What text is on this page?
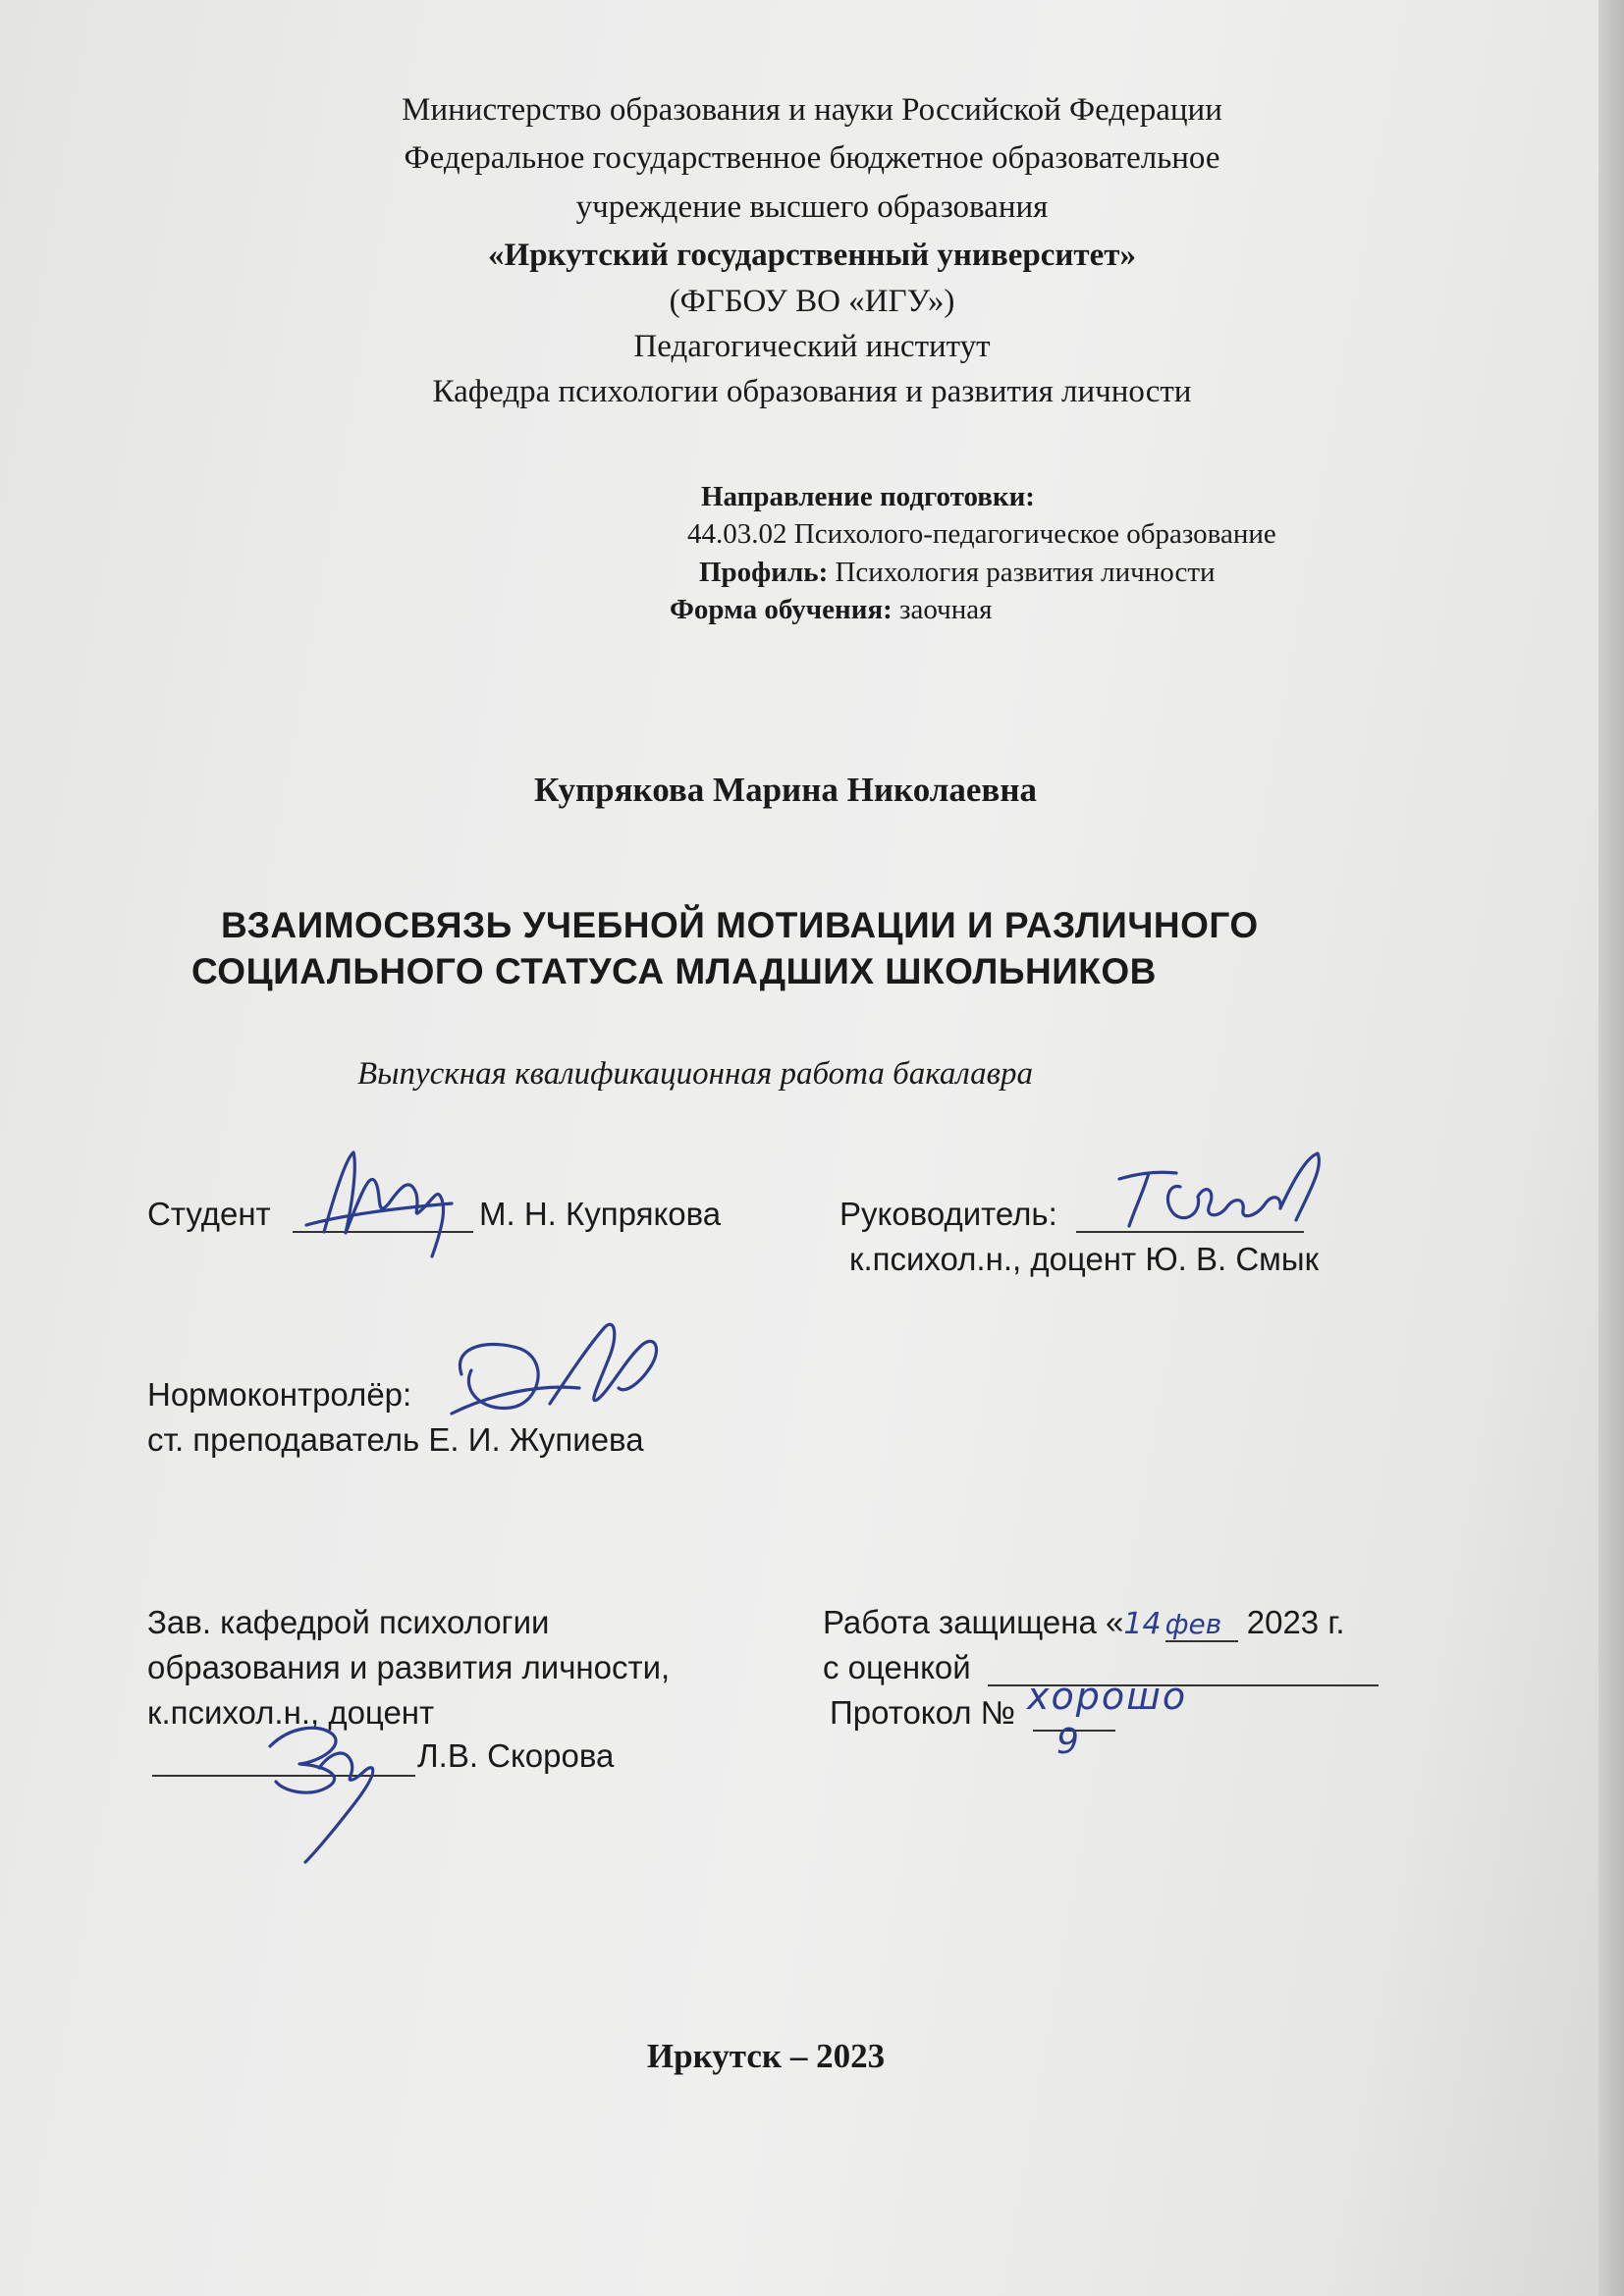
Министерство образования и науки Российской Федерации

Федеральное государственное бюджетное образовательное

учреждение высшего образования

«Иркутский государственный университет»

(ФГБОУ ВО «ИГУ»)

Педагогический институт

Кафедра психологии образования и развития личности

Направление подготовки:

44.03.02 Психолого-педагогическое образование

Профиль: Психология развития личности

Форма обучения: заочная

Купрякова Марина Николаевна

ВЗАИМОСВЯЗЬ УЧЕБНОЙ МОТИВАЦИИ И РАЗЛИЧНОГО

СОЦИАЛЬНОГО СТАТУСА МЛАДШИХ ШКОЛЬНИКОВ

Выпускная квалификационная работа бакалавра

Студент	М. Н. Купрякова	Руководитель:

к.психол.н., доцент Ю. В. Смык

Нормоконтролёр:

ст. преподаватель Е. И. Жупиева

Зав. кафедрой психологии

образования и развития личности,

к.психол.н., доцент

Л.В. Скорова

Работа защищена «14 фев 2023 г.

с оценкой

хорошо

Протокол №

9

Иркутск – 2023
